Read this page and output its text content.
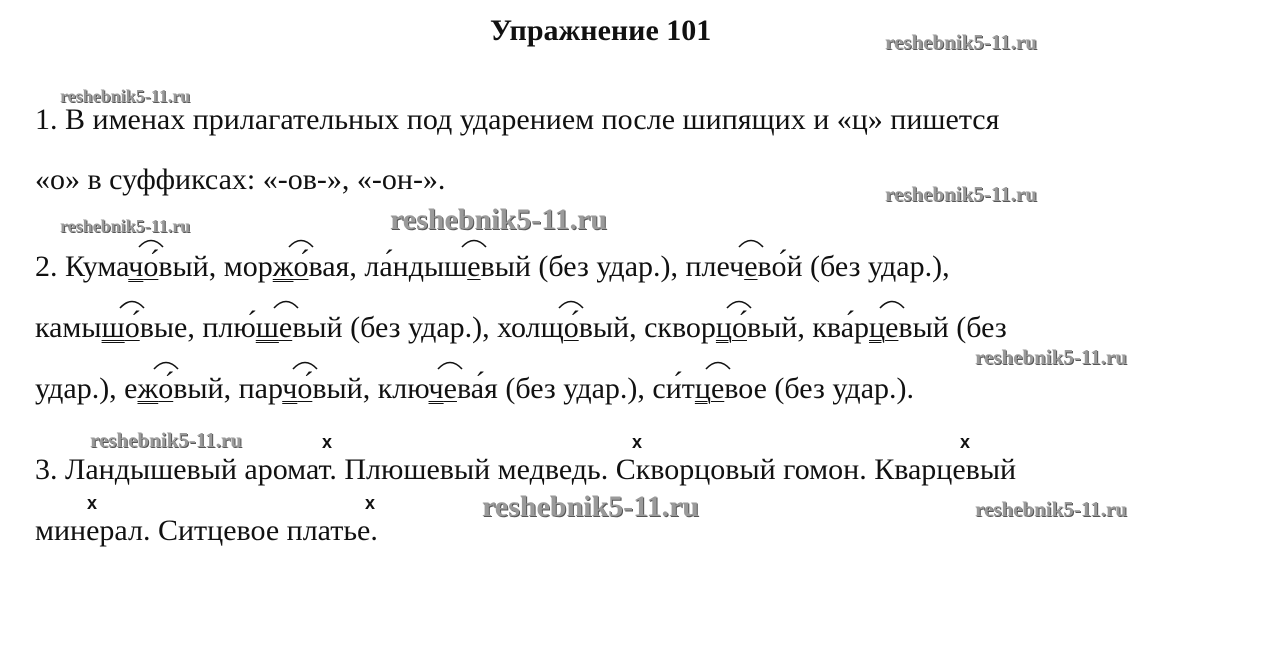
Упражнение 101	reshebnik5-11.ru
reshebnik5-11.ru
reshebnik5-11.ru
reshebnik5-11.ru	reshebnik5-11.ru
reshebnik5-11.ru
reshebnik5-11.ru
reshebnik5-11.ru	reshebnik5-11.ru
x	x	x
x	x
1. В именах прилагательных под ударением после шипящих и «ц» пишется
«о» в суффиксах: «-ов-», «-он-».
2. Кумач
о́вый, морж
о́вая, ла́ндыш
евый (без удар.), плеч
ево́й (без удар.),
камыш
о́вые, плю́ш
евый (без удар.), холщ
о́вый, скворц
о́вый, ква́рц
евый (без
удар.), еж
о́вый, парч
о́вый, ключ
ева́я (без удар.), си́тц
евое (без удар.).
3. Ландышевый аромат. Плюшевый медведь. Скворцовый гомон. Кварцевый
минерал. Ситцевое платье.
